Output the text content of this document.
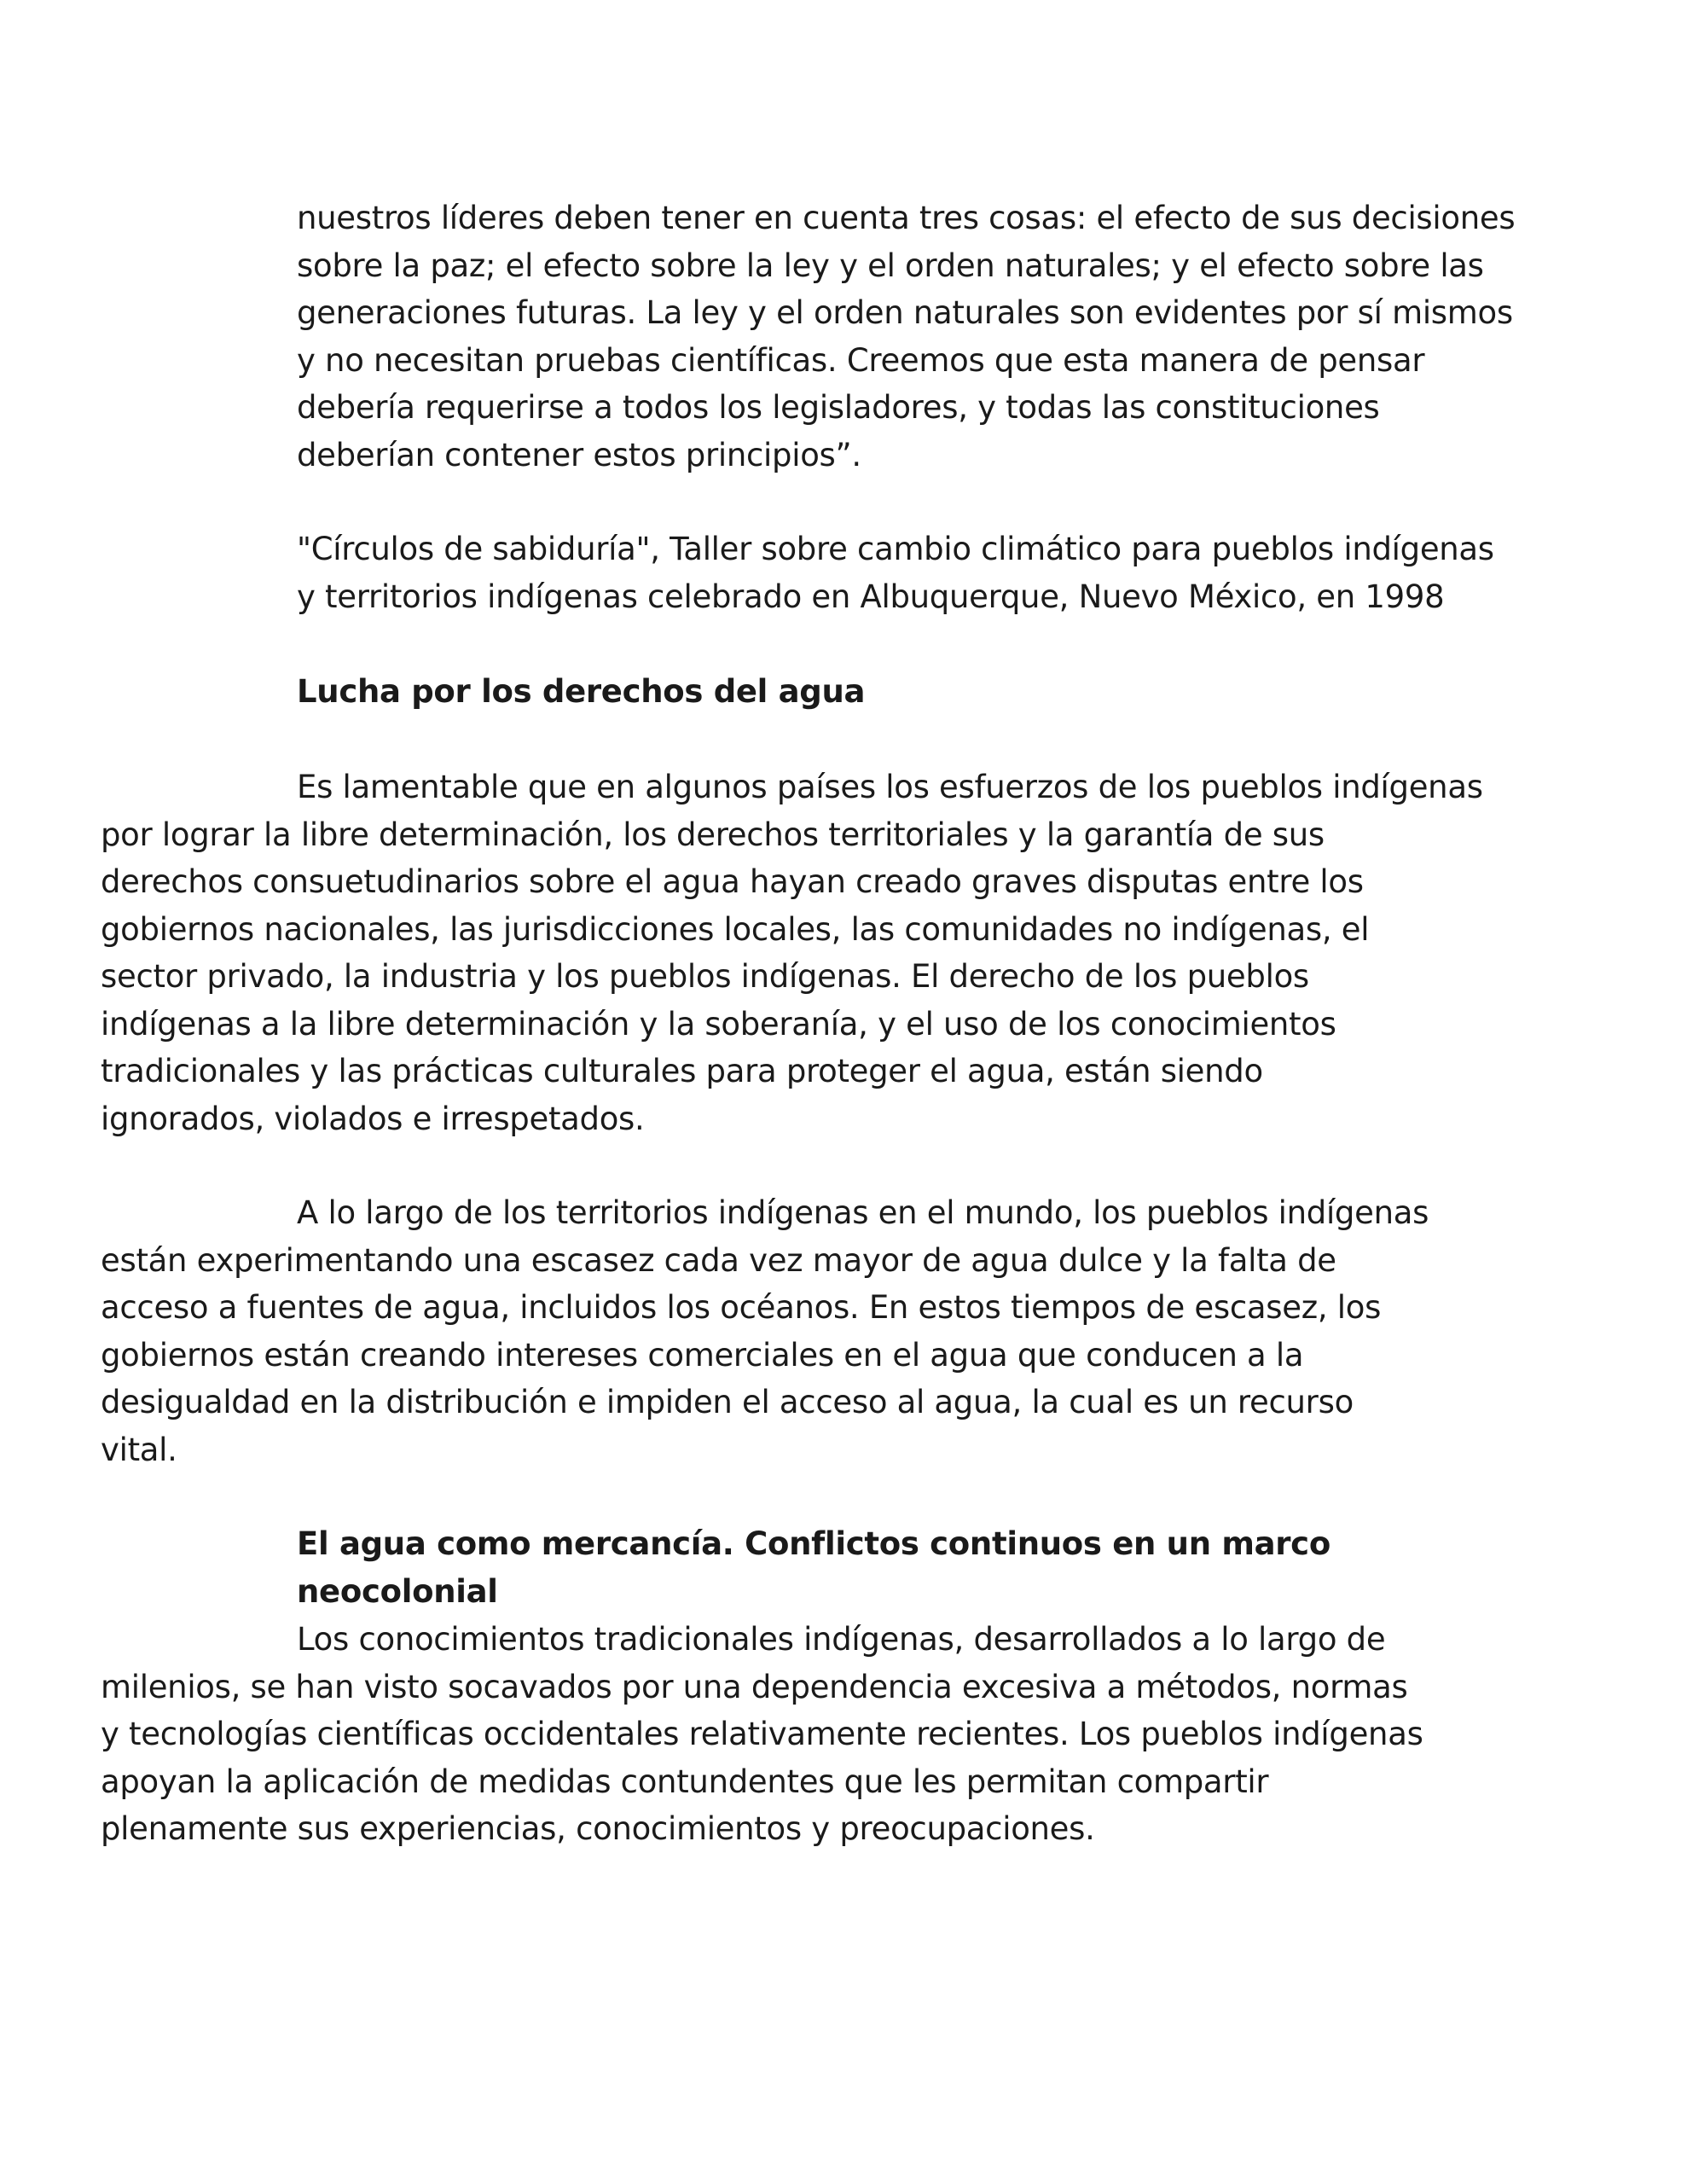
nuestros líderes deben tener en cuenta tres cosas: el efecto de sus decisiones
sobre la paz; el efecto sobre la ley y el orden naturales; y el efecto sobre las
generaciones futuras. La ley y el orden naturales son evidentes por sí mismos
y no necesitan pruebas científicas. Creemos que esta manera de pensar
debería requerirse a todos los legisladores, y todas las constituciones
deberían contener estos principios”.
"Círculos de sabiduría", Taller sobre cambio climático para pueblos indígenas
y territorios indígenas celebrado en Albuquerque, Nuevo México, en 1998
Lucha por los derechos del agua
Es lamentable que en algunos países los esfuerzos de los pueblos indígenas
por lograr la libre determinación, los derechos territoriales y la garantía de sus
derechos consuetudinarios sobre el agua hayan creado graves disputas entre los
gobiernos nacionales, las jurisdicciones locales, las comunidades no indígenas, el
sector privado, la industria y los pueblos indígenas. El derecho de los pueblos
indígenas a la libre determinación y la soberanía, y el uso de los conocimientos
tradicionales y las prácticas culturales para proteger el agua, están siendo
ignorados, violados e irrespetados.
A lo largo de los territorios indígenas en el mundo, los pueblos indígenas
están experimentando una escasez cada vez mayor de agua dulce y la falta de
acceso a fuentes de agua, incluidos los océanos. En estos tiempos de escasez, los
gobiernos están creando intereses comerciales en el agua que conducen a la
desigualdad en la distribución e impiden el acceso al agua, la cual es un recurso
vital.
El agua como mercancía. Conflictos continuos en un marco neocolonial
Los conocimientos tradicionales indígenas, desarrollados a lo largo de
milenios, se han visto socavados por una dependencia excesiva a métodos, normas
y tecnologías científicas occidentales relativamente recientes. Los pueblos indígenas
apoyan la aplicación de medidas contundentes que les permitan compartir
plenamente sus experiencias, conocimientos y preocupaciones.
